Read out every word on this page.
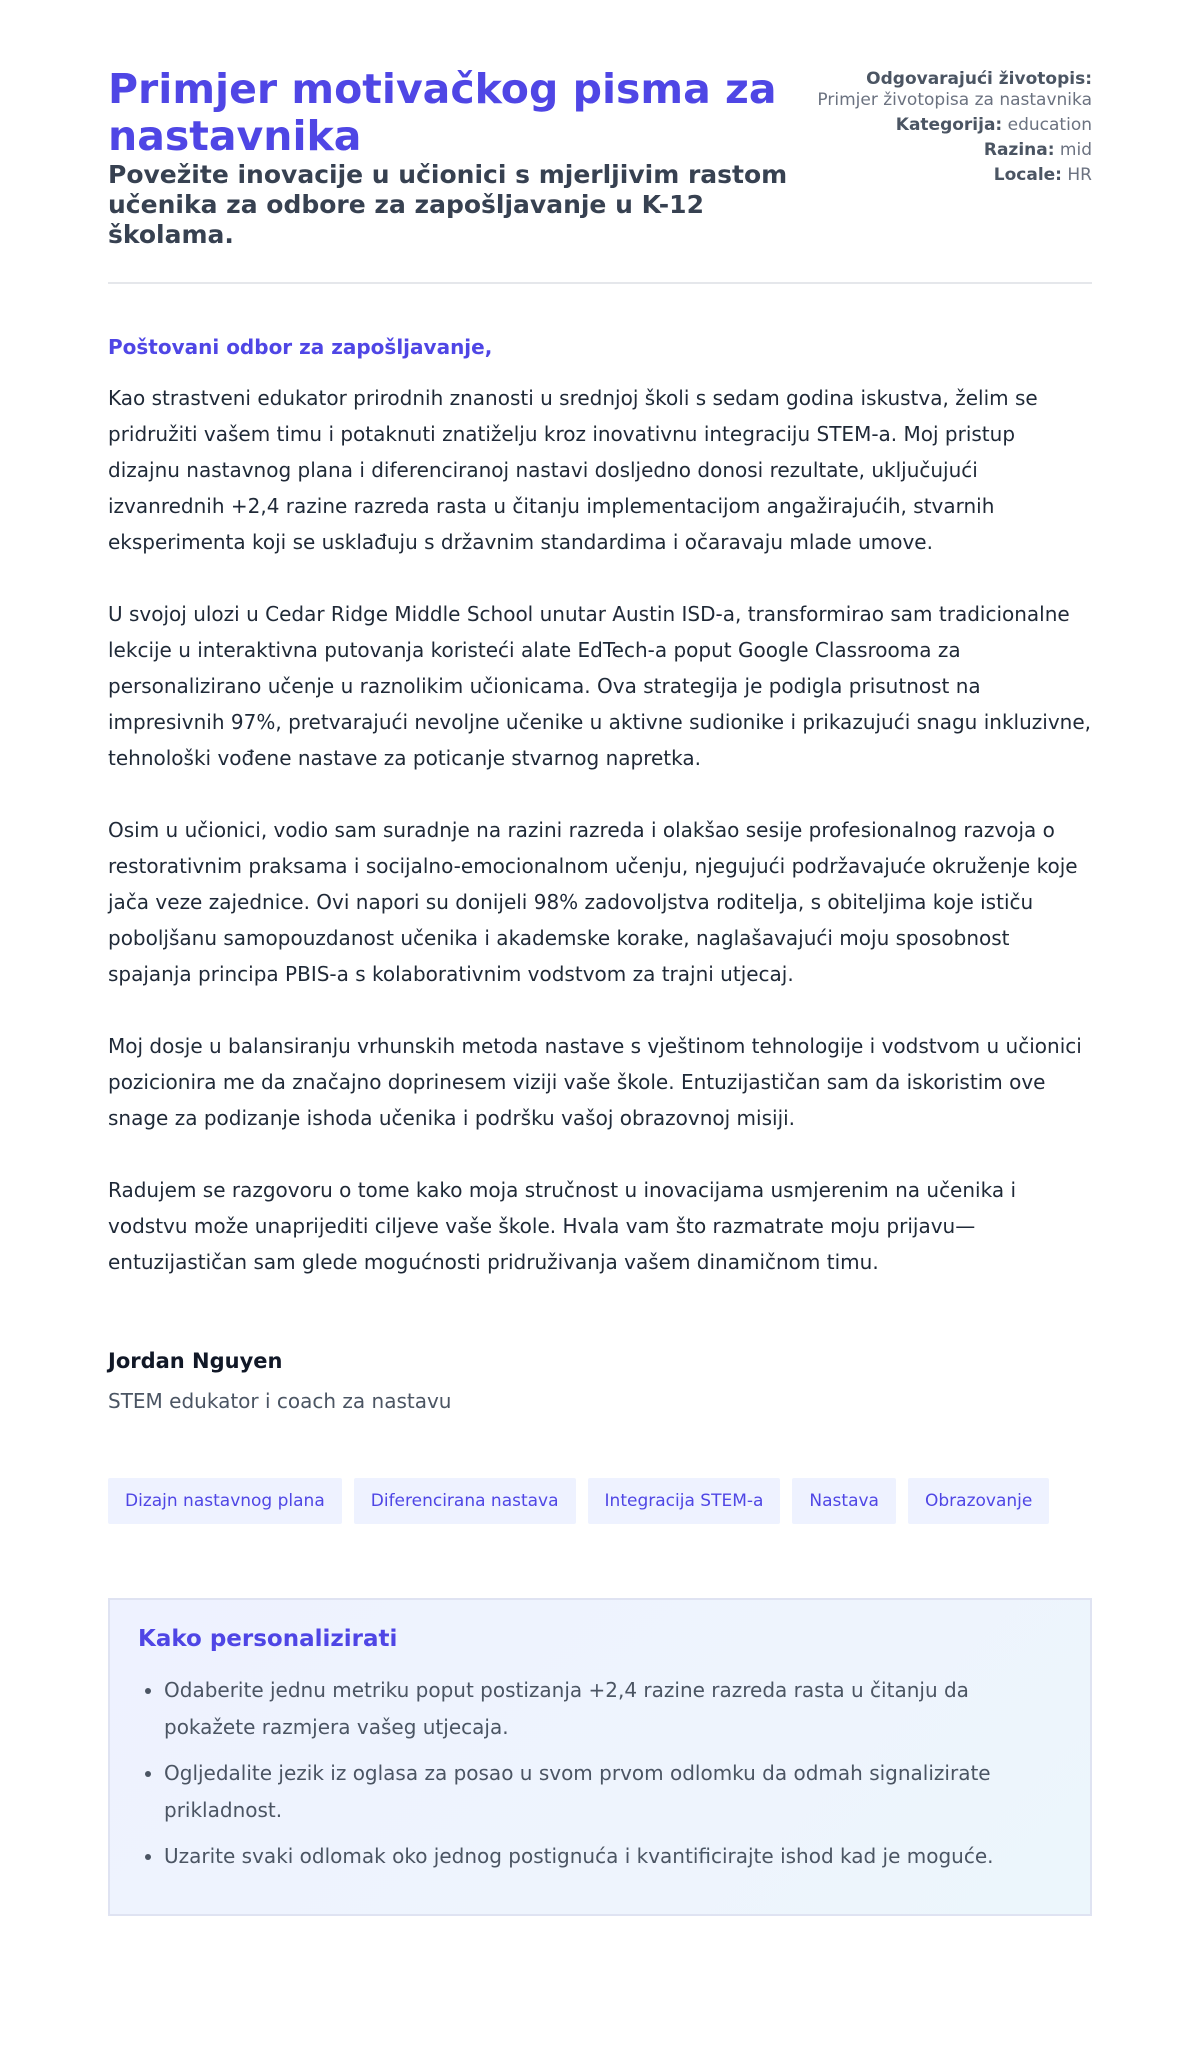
Primjer motivačkog pisma za nastavnika
Povežite inovacije u učionici s mjerljivim rastom učenika za odbore za zapošljavanje u K-12 školama.
Odgovarajući životopis:
Primjer životopisa za nastavnika
Kategorija: education
Razina: mid
Locale: HR

Poštovani odbor za zapošljavanje,

Kao strastveni edukator prirodnih znanosti u srednjoj školi s sedam godina iskustva, želim se pridružiti vašem timu i potaknuti znatiželju kroz inovativnu integraciju STEM-a. Moj pristup dizajnu nastavnog plana i diferenciranoj nastavi dosljedno donosi rezultate, uključujući izvanrednih +2,4 razine razreda rasta u čitanju implementacijom angažirajućih, stvarnih eksperimenta koji se usklađuju s državnim standardima i očaravaju mlade umove.

U svojoj ulozi u Cedar Ridge Middle School unutar Austin ISD-a, transformirao sam tradicionalne lekcije u interaktivna putovanja koristeći alate EdTech-a poput Google Classrooma za personalizirano učenje u raznolikim učionicama. Ova strategija je podigla prisutnost na impresivnih 97%, pretvarajući nevoljne učenike u aktivne sudionike i prikazujući snagu inkluzivne, tehnološki vođene nastave za poticanje stvarnog napretka.

Osim u učionici, vodio sam suradnje na razini razreda i olakšao sesije profesionalnog razvoja o restorativnim praksama i socijalno-emocionalnom učenju, njegujući podržavajuće okruženje koje jača veze zajednice. Ovi napori su donijeli 98% zadovoljstva roditelja, s obiteljima koje ističu poboljšanu samopouzdanost učenika i akademske korake, naglašavajući moju sposobnost spajanja principa PBIS-a s kolaborativnim vodstvom za trajni utjecaj.

Moj dosje u balansiranju vrhunskih metoda nastave s vještinom tehnologije i vodstvom u učionici pozicionira me da značajno doprinesem viziji vaše škole. Entuzijastičan sam da iskoristim ove snage za podizanje ishoda učenika i podršku vašoj obrazovnoj misiji.

Radujem se razgovoru o tome kako moja stručnost u inovacijama usmjerenim na učenika i vodstvu može unaprijediti ciljeve vaše škole. Hvala vam što razmatrate moju prijavu—entuzijastičan sam glede mogućnosti pridruživanja vašem dinamičnom timu.

Jordan Nguyen
STEM edukator i coach za nastavu
Dizajn nastavnog plana	Diferencirana nastava	Integracija STEM-a	Nastava	Obrazovanje
Kako personalizirati
• Odaberite jednu metriku poput postizanja +2,4 razine razreda rasta u čitanju da pokažete razmjera vašeg utjecaja.
• Ogljedalite jezik iz oglasa za posao u svom prvom odlomku da odmah signalizirate prikladnost.
• Uzarite svaki odlomak oko jednog postignuća i kvantificirajte ishod kad je moguće.
